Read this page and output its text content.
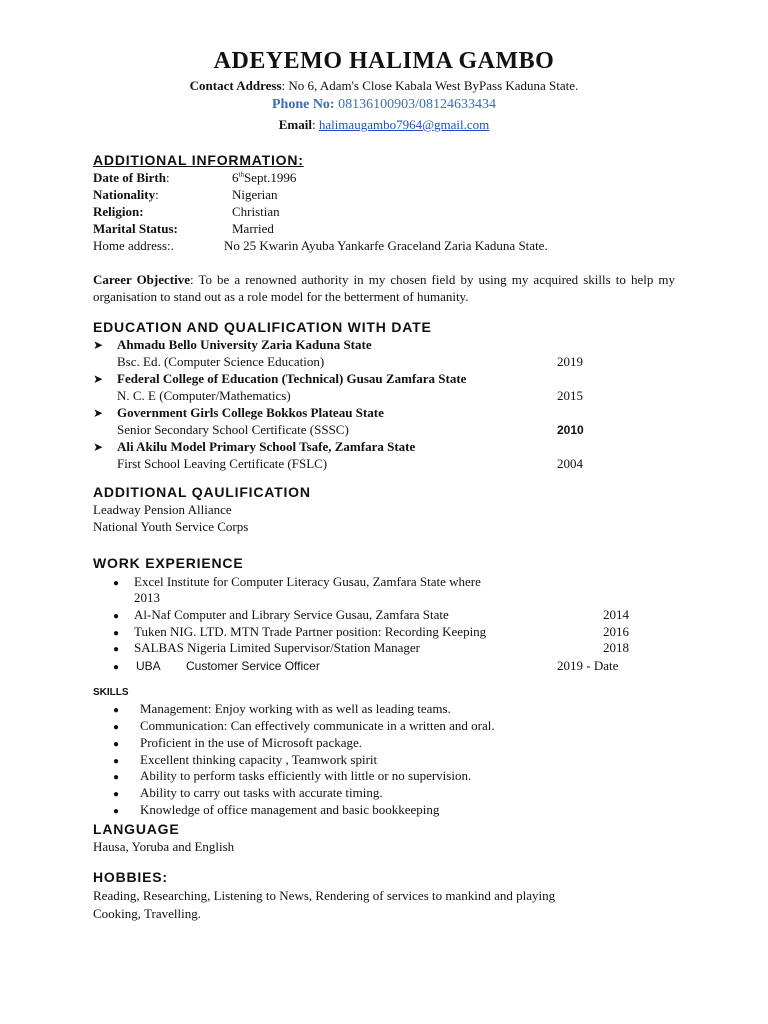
ADEYEMO HALIMA GAMBO
Contact Address: No 6, Adam's Close Kabala West ByPass Kaduna State.
Phone No: 08136100903/08124633434
Email: halimaugambo7964@gmail.com
ADDITIONAL INFORMATION:
Date of Birth:	6thSept.1996
Nationality:	Nigerian
Religion:	Christian
Marital Status:	Married
Home address:.	No 25 Kwarin Ayuba Yankarfe Graceland Zaria Kaduna State.
Career Objective: To be a renowned authority in my chosen field by using my acquired skills to help my organisation to stand out as a role model for the betterment of humanity.
EDUCATION AND QUALIFICATION WITH DATE
➤ Ahmadu Bello University Zaria Kaduna State
Bsc. Ed. (Computer Science Education)	2019
➤ Federal College of Education (Technical) Gusau Zamfara State
N. C. E (Computer/Mathematics)	2015
➤ Government Girls College Bokkos Plateau State
Senior Secondary School Certificate (SSSC)	2010
➤ Ali Akilu Model Primary School Tsafe, Zamfara State
First School Leaving Certificate (FSLC)	2004
ADDITIONAL QAULIFICATION
Leadway Pension Alliance
National Youth Service Corps
WORK EXPERIENCE
● Excel Institute for Computer Literacy Gusau, Zamfara State where
2013
● Al-Naf Computer and Library Service Gusau, Zamfara State	2014
● Tuken NIG. LTD. MTN Trade Partner position: Recording Keeping	2016
● SALBAS Nigeria Limited Supervisor/Station Manager	2018
● UBA Customer Service Officer	2019 - Date
SKILLS
● Management: Enjoy working with as well as leading teams.
● Communication: Can effectively communicate in a written and oral.
● Proficient in the use of Microsoft package.
● Excellent thinking capacity , Teamwork spirit
● Ability to perform tasks efficiently with little or no supervision.
● Ability to carry out tasks with accurate timing.
● Knowledge of office management and basic bookkeeping
LANGUAGE
Hausa, Yoruba and English
HOBBIES:
Reading, Researching, Listening to News, Rendering of services to mankind and playing
Cooking, Travelling.
